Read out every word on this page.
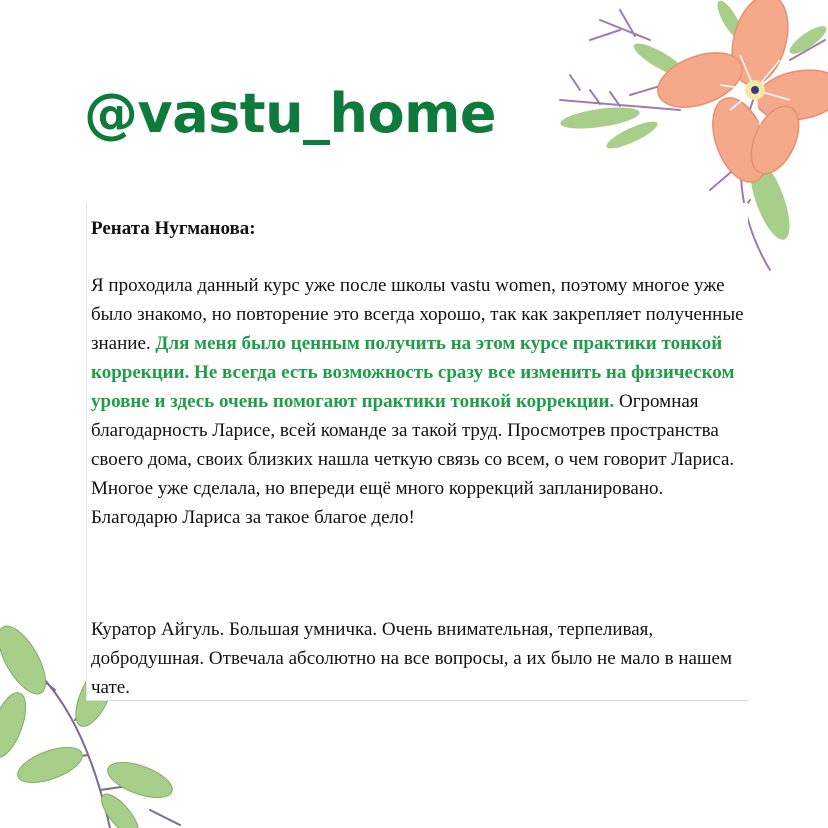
@vastu_home
Рената Нугманова:

Я проходила данный курс уже после школы vastu women, поэтому многое уже было знакомо, но повторение это всегда хорошо, так как закрепляет полученные знание. Для меня было ценным получить на этом курсе практики тонкой коррекции. Не всегда есть возможность сразу все изменить на физическом уровне и здесь очень помогают практики тонкой коррекции. Огромная благодарность Ларисе, всей команде за такой труд. Просмотрев пространства своего дома, своих близких нашла четкую связь со всем, о чем говорит Лариса. Многое уже сделала, но впереди ещё много коррекций запланировано. Благодарю Лариса за такое благое дело!

Куратор Айгуль. Большая умничка. Очень внимательная, терпеливая, добродушная. Отвечала абсолютно на все вопросы, а их было не мало в нашем чате.
